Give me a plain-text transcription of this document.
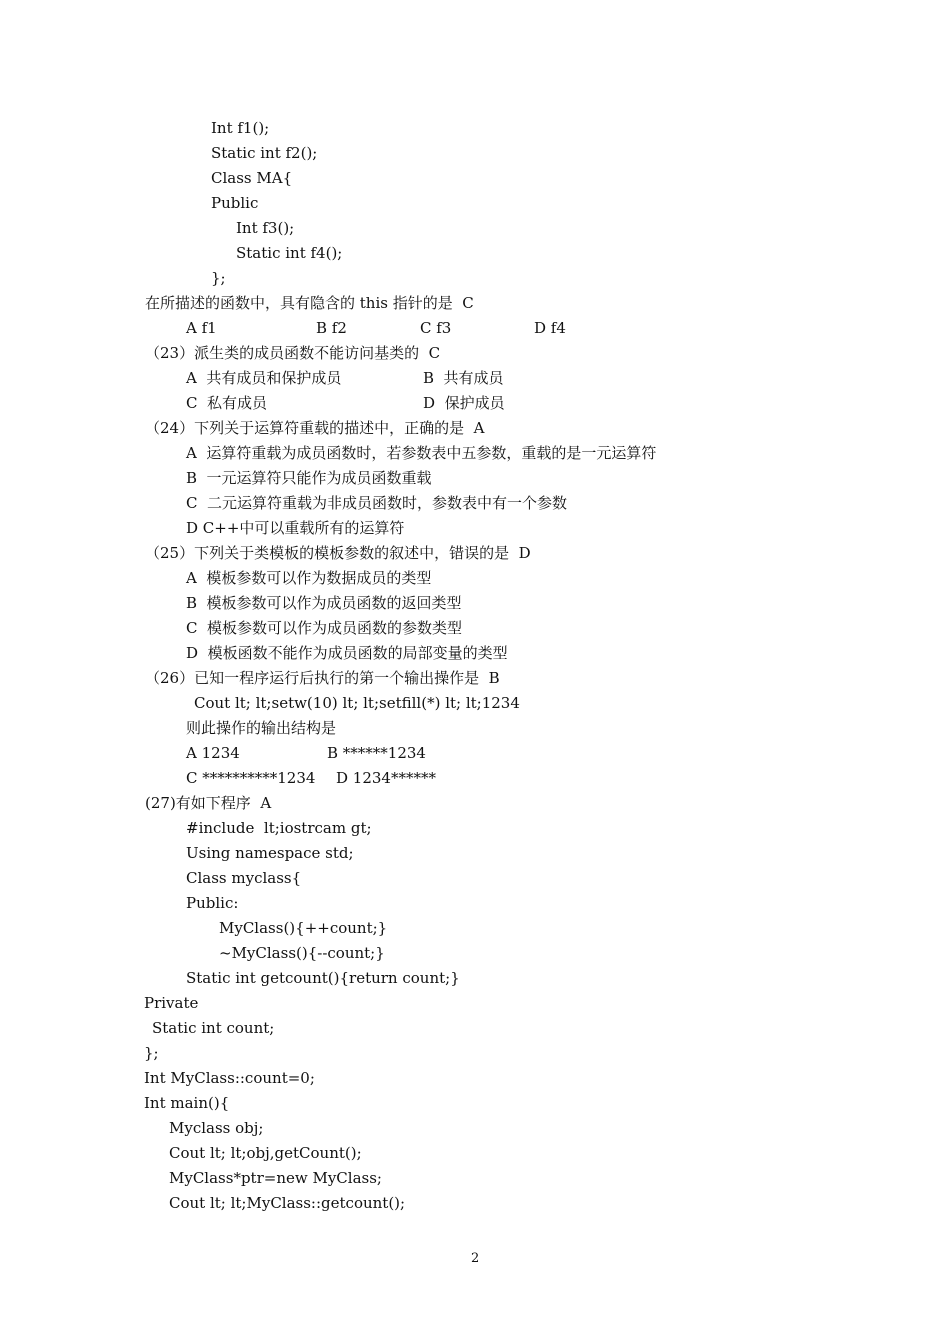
Int f1();
Static int f2();
Class MA{
Public
Int f3();
Static int f4();
};
在所描述的函数中，具有隐含的 this 指针的是  C
A f1	B f2	C f3	D f4
（23）派生类的成员函数不能访问基类的  C
A  共有成员和保护成员	B  共有成员
C  私有成员	D  保护成员
（24）下列关于运算符重载的描述中，正确的是  A
A  运算符重载为成员函数时，若参数表中五参数，重载的是一元运算符
B  一元运算符只能作为成员函数重载
C  二元运算符重载为非成员函数时，参数表中有一个参数
D C++中可以重载所有的运算符
（25）下列关于类模板的模板参数的叙述中，错误的是  D
A  模板参数可以作为数据成员的类型
B  模板参数可以作为成员函数的返回类型
C  模板参数可以作为成员函数的参数类型
D  模板函数不能作为成员函数的局部变量的类型
（26）已知一程序运行后执行的第一个输出操作是  B
Cout lt; lt;setw(10) lt; lt;setfill(*) lt; lt;1234
则此操作的输出结构是
A 1234	B ******1234
C **********1234 D 1234******
(27)有如下程序  A
#include  lt;iostrcam gt;
Using namespace std;
Class myclass{
Public:
MyClass(){++count;}
~MyClass(){--count;}
Static int getcount(){return count;}
Private
Static int count;
};
Int MyClass::count=0;
Int main(){
Myclass obj;
Cout lt; lt;obj,getCount();
MyClass*ptr=new MyClass;
Cout lt; lt;MyClass::getcount();
2
